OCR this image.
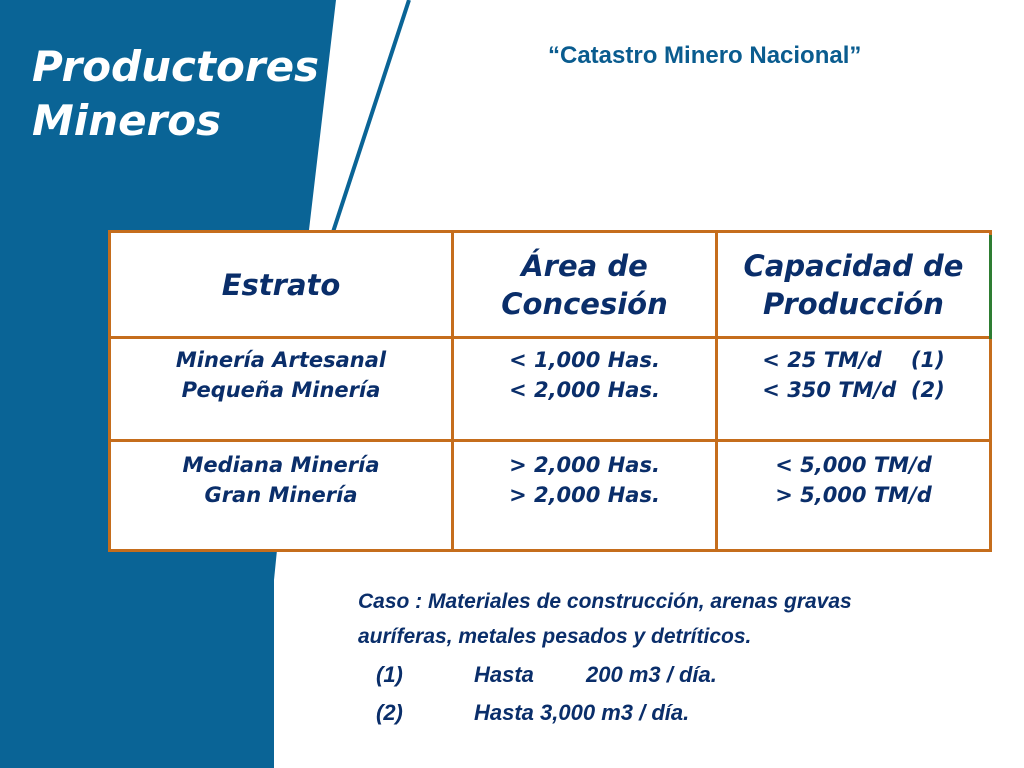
Productores
Mineros
“Catastro Minero Nacional”
Estrato
Área de
Concesión
Capacidad de
Producción
Minería Artesanal
Pequeña Minería
< 1,000 Has.
< 2,000 Has.
< 25 TM/d    (1)
< 350 TM/d  (2)
Mediana Minería
Gran Minería
> 2,000 Has.
> 2,000 Has.
< 5,000 TM/d
> 5,000 TM/d
Caso : Materiales de construcción, arenas gravas
auríferas, metales pesados y detríticos.
(1)	Hasta 200 m3 / día.
(2)	Hasta 3,000 m3 / día.
